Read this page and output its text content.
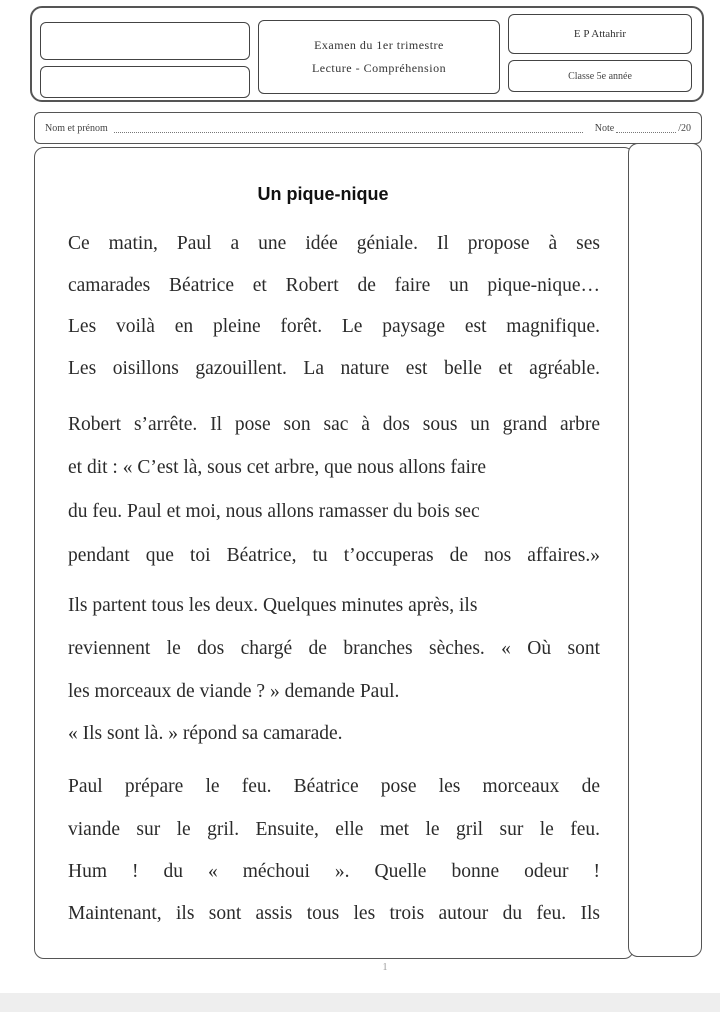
Examen du 1er trimestre
Lecture - Compréhension
E P Attahrir
Classe 5e année
Nom et prénom	Note	/20
Un pique-nique
Ce matin, Paul a une idée géniale. Il propose à ses
camarades Béatrice et Robert de faire un pique-nique…
Les voilà en pleine forêt. Le paysage est magnifique.
Les oisillons gazouillent. La nature est belle et agréable.
Robert s’arrête. Il pose son sac à dos sous un grand arbre
et dit : « C’est là, sous cet arbre, que nous allons faire
du feu. Paul et moi, nous allons ramasser du bois sec
pendant que toi Béatrice, tu t’occuperas de nos affaires.»
Ils partent tous les deux. Quelques minutes après, ils
reviennent le dos chargé de branches sèches. « Où sont
les morceaux de viande ? » demande Paul.
« Ils sont là. » répond sa camarade.
Paul prépare le feu. Béatrice pose les morceaux de
viande sur le gril. Ensuite, elle met le gril sur le feu.
Hum ! du « méchoui ». Quelle bonne odeur !
Maintenant, ils sont assis tous les trois autour du feu. Ils
1
